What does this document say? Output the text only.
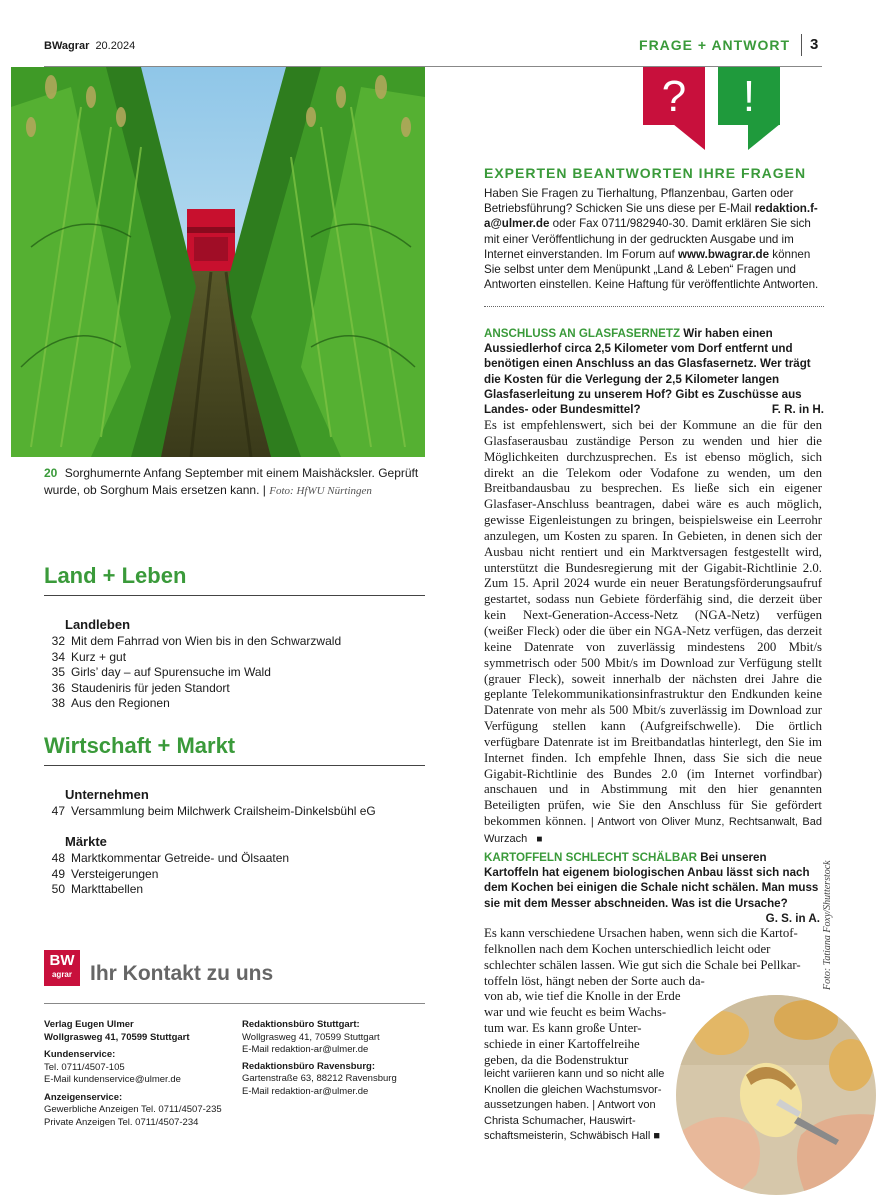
BWagrar 20.2024	FRAGE + ANTWORT 3
20 Sorghumernte Anfang September mit einem Maishäcksler. Geprüft wurde, ob Sorghum Mais ersetzen kann. | Foto: HfWU Nürtingen
Land + Leben
Landleben
32 Mit dem Fahrrad von Wien bis in den Schwarzwald
34 Kurz + gut
35 Girls’ day – auf Spurensuche im Wald
36 Staudeniris für jeden Standort
38 Aus den Regionen
Wirtschaft + Markt
Unternehmen
47 Versammlung beim Milchwerk Crailsheim-Dinkelsbühl eG
Märkte
48 Marktkommentar Getreide- und Ölsaaten
49 Versteigerungen
50 Markttabellen
BW
agrar Ihr Kontakt zu uns
Verlag Eugen Ulmer
Wollgrasweg 41, 70599 Stuttgart
Kundenservice:
Tel. 0711/4507-105
E-Mail kundenservice@ulmer.de
Anzeigenservice:
Gewerbliche Anzeigen Tel. 0711/4507-235
Private Anzeigen Tel. 0711/4507-234
Redaktionsbüro Stuttgart:
Wollgrasweg 41, 70599 Stuttgart
E-Mail redaktion-ar@ulmer.de
Redaktionsbüro Ravensburg:
Gartenstraße 63, 88212 Ravensburg
E-Mail redaktion-ar@ulmer.de
?	!
EXPERTEN BEANTWORTEN IHRE FRAGEN
Haben Sie Fragen zu Tierhaltung, Pflanzenbau, Garten oder Betriebsführung? Schicken Sie uns diese per E-Mail redaktion.f-a@ulmer.de oder Fax 0711/982940-30. Damit erklären Sie sich mit einer Veröffentlichung in der gedruckten Ausgabe und im Internet einverstanden. Im Forum auf www.bwagrar.de können Sie selbst unter dem Menüpunkt „Land & Leben“ Fragen und Antworten einstellen. Keine Haftung für veröffentlichte Antworten.
ANSCHLUSS AN GLASFASERNETZ Wir haben einen Aussiedlerhof circa 2,5 Kilometer vom Dorf entfernt und benötigen einen Anschluss an das Glasfasernetz. Wer trägt die Kosten für die Verlegung der 2,5 Kilometer langen Glasfaserleitung zu unserem Hof? Gibt es Zuschüsse aus Landes- oder Bundesmittel?	F. R. in H.
Es ist empfehlenswert, sich bei der Kommune an die für den Glasfaserausbau zuständige Person zu wenden und hier die Möglichkeiten durchzusprechen. Es ist ebenso möglich, sich direkt an die Telekom oder Vodafone zu wenden, um den Breitbandausbau zu besprechen. Es ließe sich ein eigener Glasfaser-Anschluss beantragen, dabei wäre es auch möglich, gewisse Eigenleistungen zu bringen, beispielsweise ein Leerrohr anzulegen, um Kosten zu sparen. In Gebieten, in denen sich der Ausbau nicht rentiert und ein Marktversagen festgestellt wird, unterstützt die Bundesregierung mit der Gigabit-Richtlinie 2.0. Zum 15. April 2024 wurde ein neuer Beratungsförderungsaufruf gestartet, sodass nun Gebiete förderfähig sind, die derzeit über kein Next-Generation-Access-Netz (NGA-Netz) verfügen (weißer Fleck) oder die über ein NGA-Netz verfügen, das derzeit keine Datenrate von zuverlässig mindestens 200 Mbit/s symmetrisch oder 500 Mbit/s im Download zur Verfügung stellt (grauer Fleck), soweit innerhalb der nächsten drei Jahre die geplante Telekommunikationsinfrastruktur den Endkunden keine Datenrate von mehr als 500 Mbit/s zuverlässig im Download zur Verfügung stellen kann (Aufgreifschwelle). Die örtlich verfügbare Datenrate ist im Breitbandatlas hinterlegt, den Sie im Internet finden. Ich empfehle Ihnen, dass Sie sich die neue Gigabit-Richtlinie des Bundes 2.0 (im Internet vorfindbar) anschauen und in Abstimmung mit den hier genannten Beteiligten prüfen, wie Sie den Anschluss für Sie gefördert bekommen können. | Antwort von Oliver Munz, Rechtsanwalt, Bad Wurzach ■
KARTOFFELN SCHLECHT SCHÄLBAR Bei unseren Kartoffeln hat eigenem biologischen Anbau lässt sich nach dem Kochen bei einigen die Schale nicht schälen. Man muss sie mit dem Messer abschneiden. Was ist die Ursache?
G. S. in A. Foto: Tatiana Foxy/Shutterstock
Es kann verschiedene Ursachen haben, wenn sich die Kartof-
felknollen nach dem Kochen unterschiedlich leicht oder
schlechter schälen lassen. Wie gut sich die Schale bei Pellkar-
toffeln löst, hängt neben der Sorte auch da-
von ab, wie tief die Knolle in der Erde
war und wie feucht es beim Wachs-
tum war. Es kann große Unter-
schiede in einer Kartoffelreihe
geben, da die Bodenstruktur
leicht variieren kann und so nicht alle
Knollen die gleichen Wachstumsvor-
aussetzungen haben. | Antwort von
Christa Schumacher, Hauswirt-
schaftsmeisterin, Schwäbisch Hall ■
